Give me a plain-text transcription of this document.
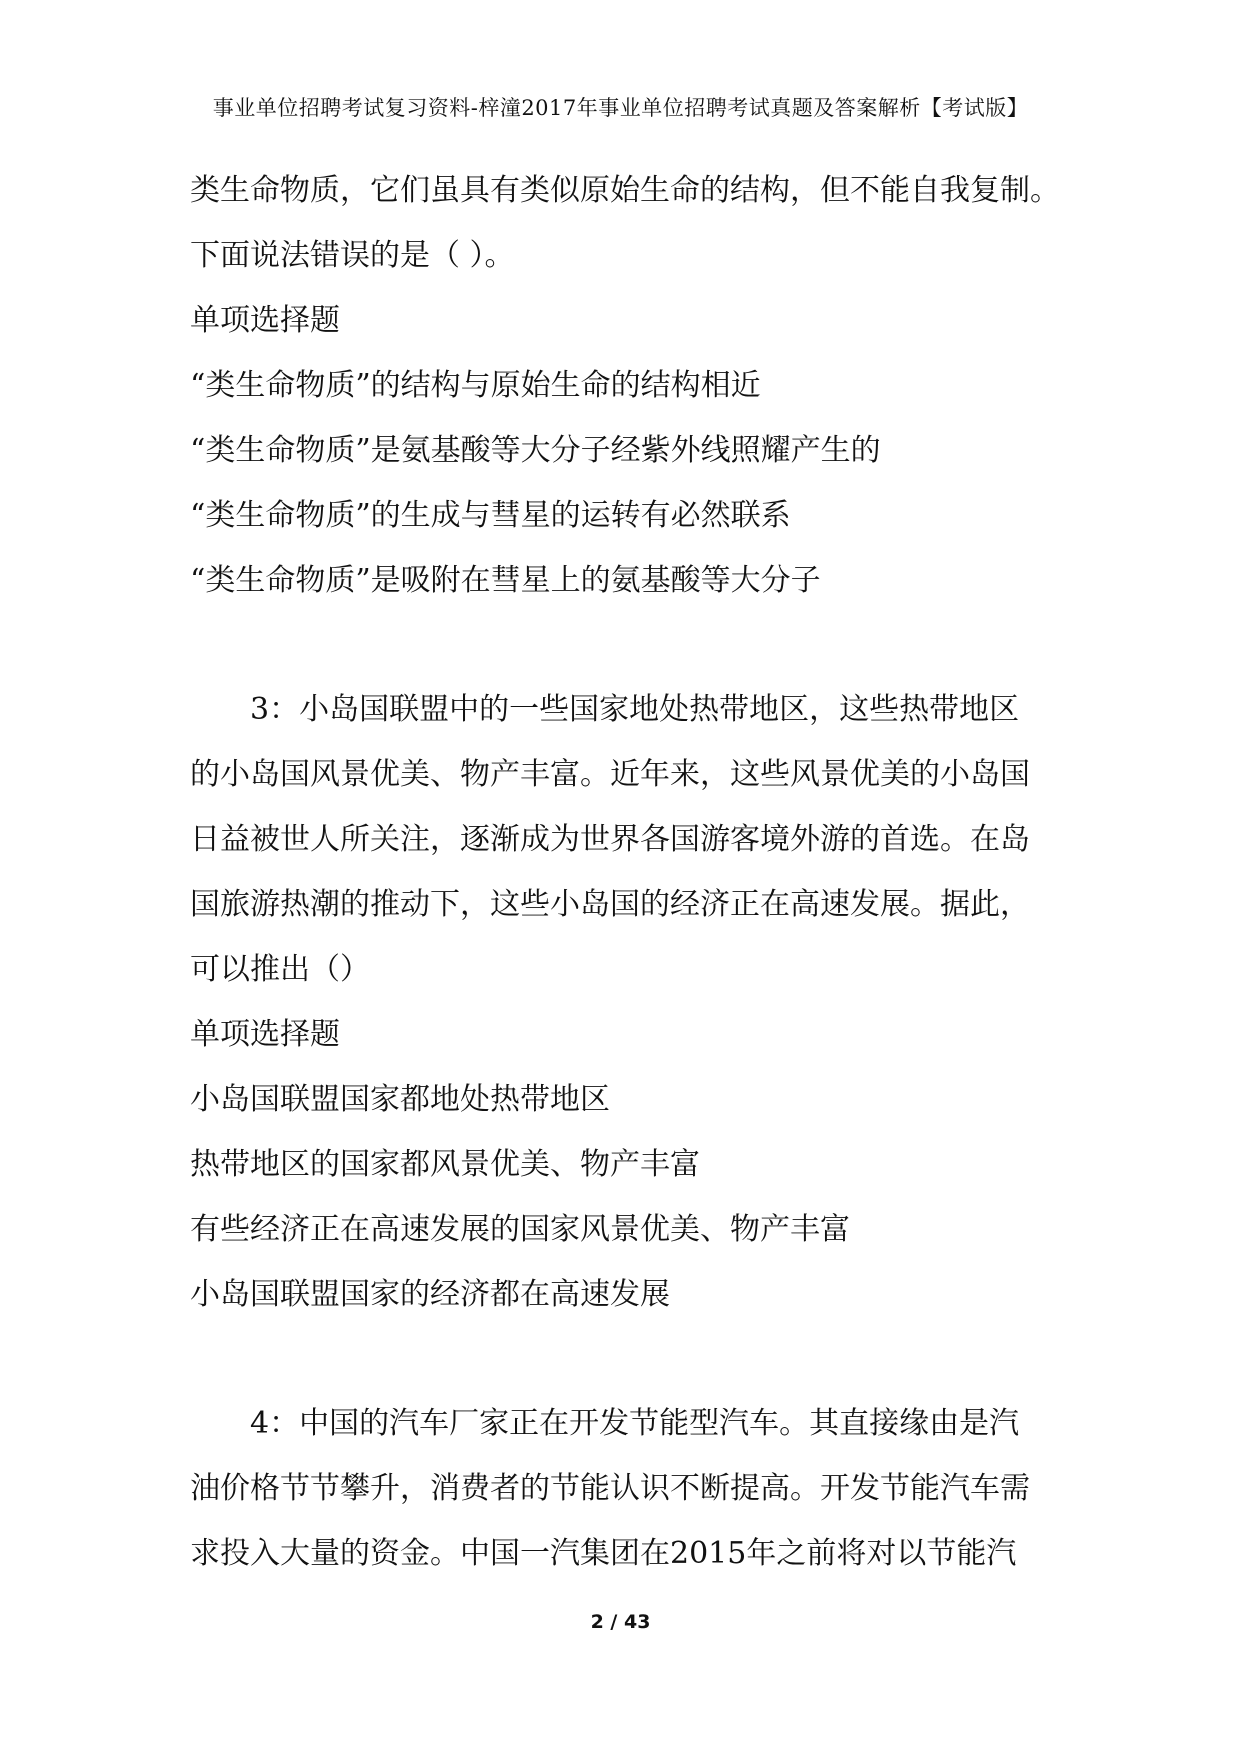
事业单位招聘考试复习资料-梓潼2017年事业单位招聘考试真题及答案解析【考试版】
类生命物质，它们虽具有类似原始生命的结构，但不能自我复制。
下面说法错误的是（ ）。
单项选择题
“类生命物质”的结构与原始生命的结构相近
“类生命物质”是氨基酸等大分子经紫外线照耀产生的
“类生命物质”的生成与彗星的运转有必然联系
“类生命物质”是吸附在彗星上的氨基酸等大分子
3：小岛国联盟中的一些国家地处热带地区，这些热带地区
的小岛国风景优美、物产丰富。近年来，这些风景优美的小岛国
日益被世人所关注，逐渐成为世界各国游客境外游的首选。在岛
国旅游热潮的推动下，这些小岛国的经济正在高速发展。据此，
可以推出（）
单项选择题
小岛国联盟国家都地处热带地区
热带地区的国家都风景优美、物产丰富
有些经济正在高速发展的国家风景优美、物产丰富
小岛国联盟国家的经济都在高速发展
4：中国的汽车厂家正在开发节能型汽车。其直接缘由是汽
油价格节节攀升，消费者的节能认识不断提高。开发节能汽车需
求投入大量的资金。中国一汽集团在2015年之前将对以节能汽
2 / 43
